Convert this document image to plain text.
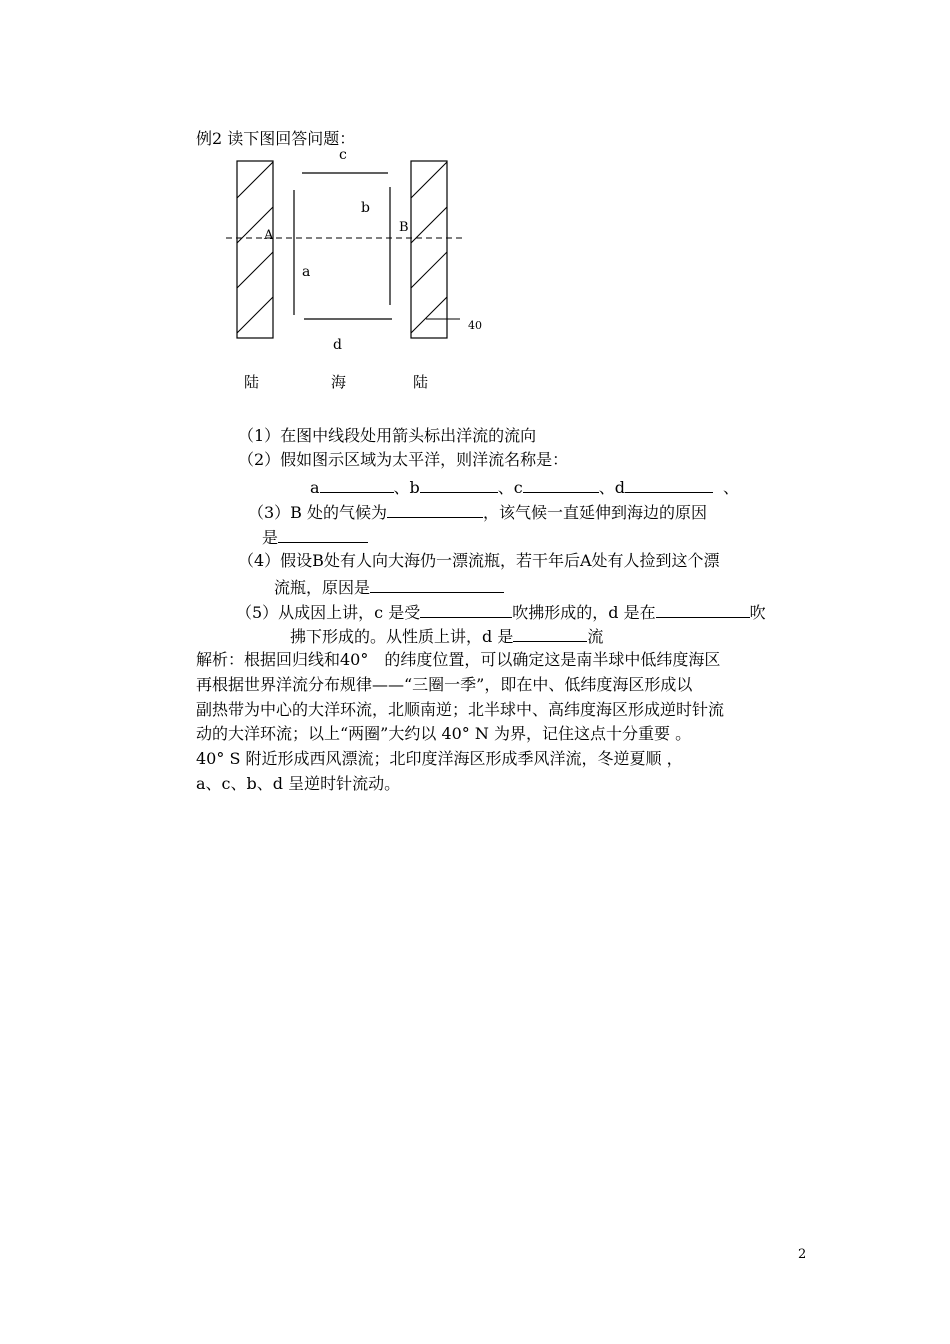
例2 读下图回答问题：
c
b
A
B
a
40
d
陆	海	陆
（1）在图中线段处用箭头标出洋流的流向
（2）假如图示区域为太平洋，则洋流名称是：
a	、b	、c	、d	、
（3）B 处的气候为	，该气候一直延伸到海边的原因
是
（4）假设B处有人向大海仍一漂流瓶，若干年后A处有人捡到这个漂
流瓶，原因是
（5）从成因上讲，c 是受	吹拂形成的，d 是在	吹
拂下形成的。从性质上讲，d 是	流
解析：根据回归线和40°　的纬度位置，可以确定这是南半球中低纬度海区
再根据世界洋流分布规律——“三圈一季”，即在中、低纬度海区形成以
副热带为中心的大洋环流，北顺南逆；北半球中、高纬度海区形成逆时针流
动的大洋环流；以上“两圈”大约以 40° N 为界，记住这点十分重要 。
40° S 附近形成西风漂流；北印度洋海区形成季风洋流，冬逆夏顺 ，
a、c、b、d 呈逆时针流动。
2
